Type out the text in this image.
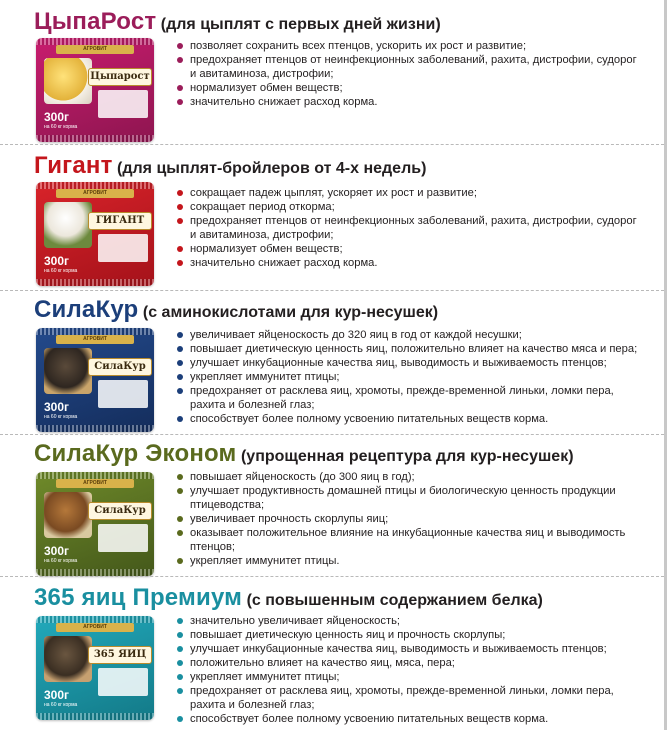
ЦыпаРост (для цыплят с первых дней жизни)
АГРОВИТ
Цыпарост
300г
на 60 кг корма
позволяет сохранить всех птенцов, ускорить их рост и развитие;
предохраняет птенцов от неинфекционных заболеваний, рахита, дистрофии, судорог и авитаминоза, дистрофии;
нормализует обмен веществ;
значительно снижает расход корма.
Гигант (для цыплят-бройлеров от 4-х недель)
АГРОВИТ
ГИГАНТ
300г
на 60 кг корма
сокращает падеж цыплят, ускоряет их рост и развитие;
сокращает период откорма;
предохраняет птенцов от неинфекционных заболеваний, рахита, дистрофии, судорог и авитаминоза, дистрофии;
нормализует обмен веществ;
значительно снижает расход корма.
СилаКур (с аминокислотами для кур-несушек)
АГРОВИТ
СилаКур
300г
на 60 кг корма
увеличивает яйценоскость до 320 яиц в год от каждой несушки;
повышает диетическую ценность яиц, положительно влияет на качество мяса и пера;
улучшает инкубационные качества яиц, выводимость и выживаемость птенцов;
укрепляет иммунитет птицы;
предохраняет от расклева яиц, хромоты, прежде-временной линьки, ломки пера, рахита и болезней глаз;
способствует более полному усвоению питательных веществ корма.
СилаКур Эконом (упрощенная рецептура для кур-несушек)
АГРОВИТ
СилаКур
300г
на 60 кг корма
повышает яйценоскость (до 300 яиц в год);
улучшает продуктивность домашней птицы и биологическую ценность продукции птицеводства;
увеличивает прочность скорлупы яиц;
оказывает положительное влияние на инкубационные качества яиц и выводимость птенцов;
укрепляет иммунитет птицы.
365 яиц Премиум (с повышенным содержанием белка)
АГРОВИТ
365 ЯИЦ
300г
на 60 кг корма
значительно увеличивает яйценоскость;
повышает диетическую ценность яиц и прочность скорлупы;
улучшает инкубационные качества яиц, выводимость и выживаемость птенцов;
положительно влияет на качество яиц, мяса, пера;
укрепляет иммунитет птицы;
предохраняет от расклева яиц, хромоты, прежде-временной линьки, ломки пера, рахита и болезней глаз;
способствует более полному усвоению питательных веществ корма.
